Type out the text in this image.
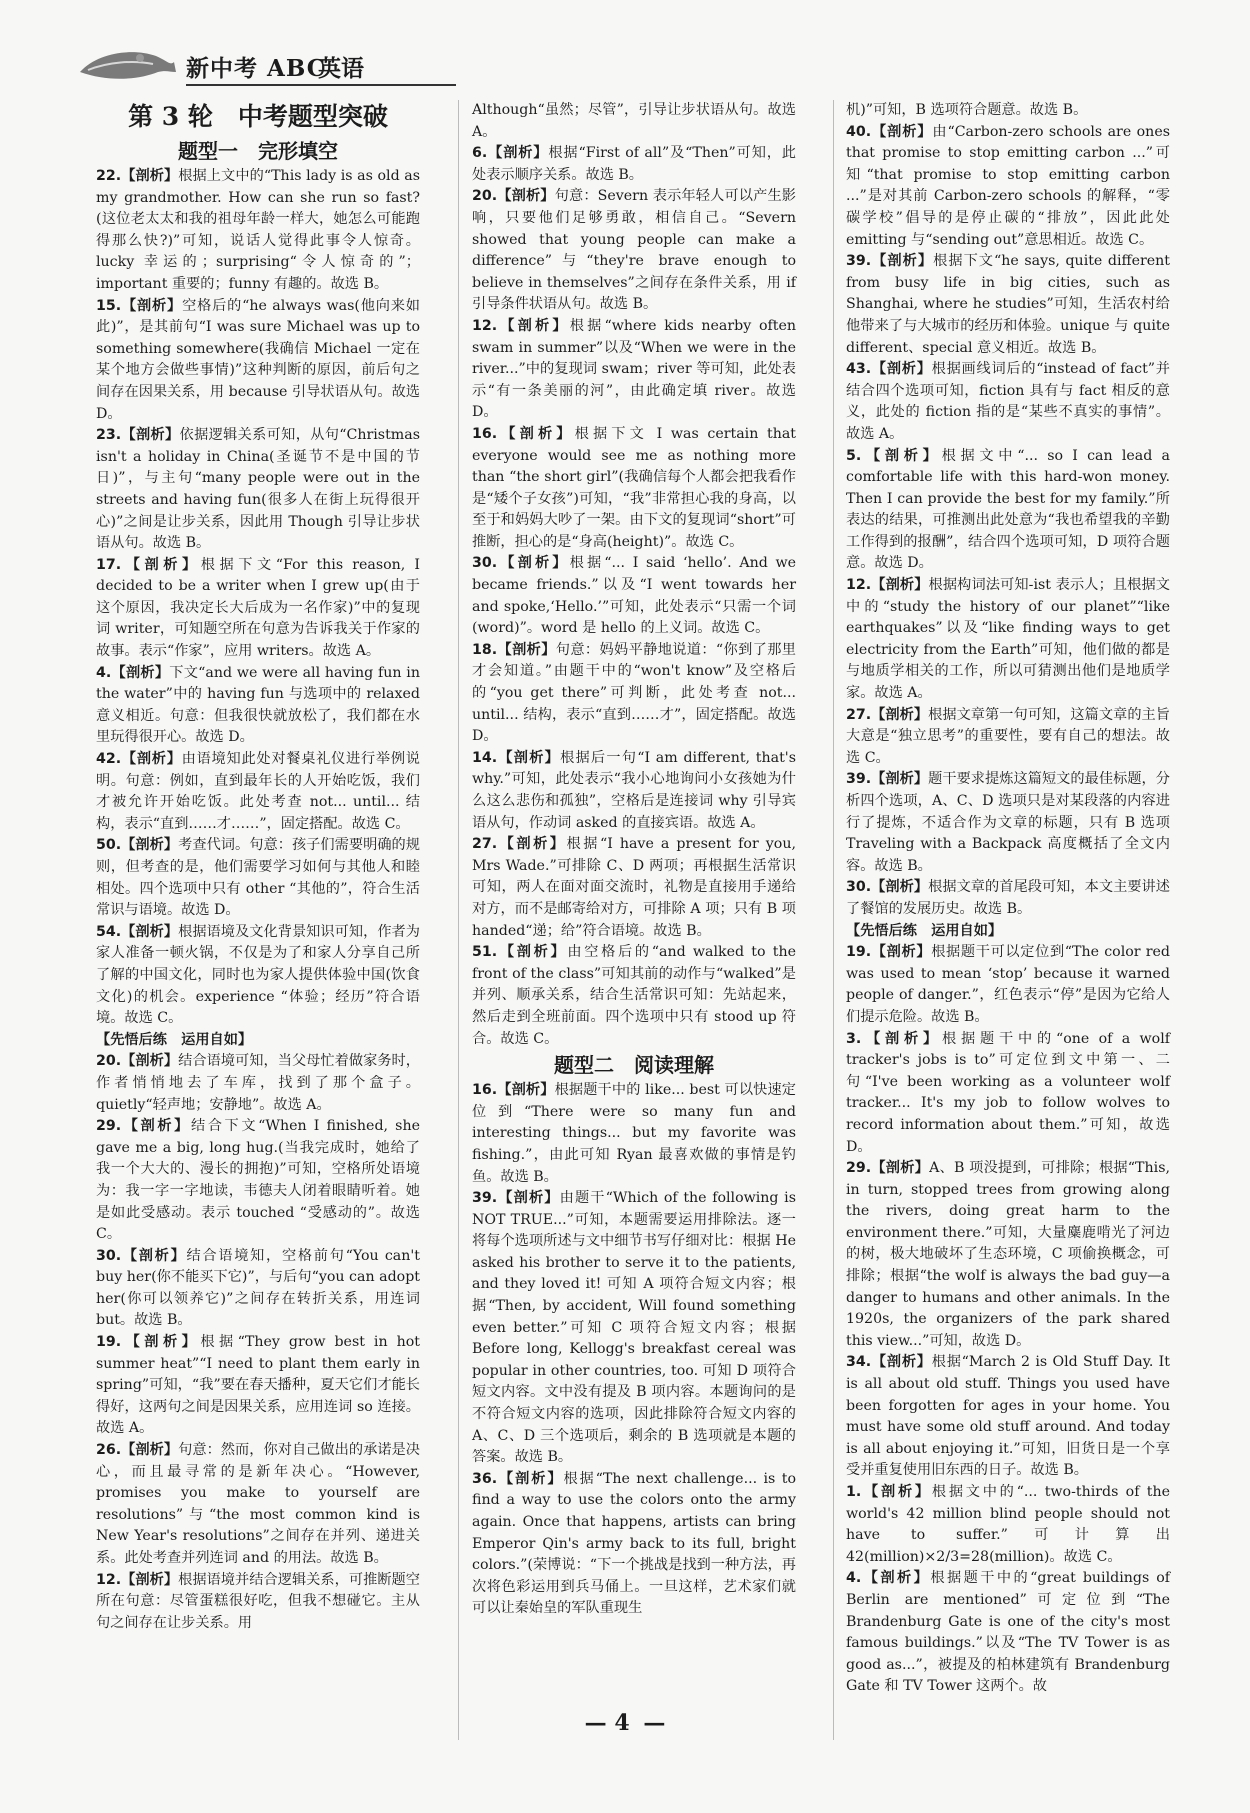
新中考 ABC
英语
第 3 轮　中考题型突破
题型一　完形填空

22.【剖析】根据上文中的“This lady is as old as my grandmother. How can she run so fast?(这位老太太和我的祖母年龄一样大，她怎么可能跑得那么快?)”可知，说话人觉得此事令人惊奇。lucky 幸运的；surprising“令人惊奇的”；important 重要的；funny 有趣的。故选 B。

15.【剖析】空格后的“he always was(他向来如此)”，是其前句“I was sure Michael was up to something somewhere(我确信 Michael 一定在某个地方会做些事情)”这种判断的原因，前后句之间存在因果关系，用 because 引导状语从句。故选 D。

23.【剖析】依据逻辑关系可知，从句“Christmas isn't a holiday in China(圣诞节不是中国的节日)”，与主句“many people were out in the streets and having fun(很多人在街上玩得很开心)”之间是让步关系，因此用 Though 引导让步状语从句。故选 B。

17.【剖析】根据下文“For this reason, I decided to be a writer when I grew up(由于这个原因，我决定长大后成为一名作家)”中的复现词 writer，可知题空所在句意为告诉我关于作家的故事。表示“作家”，应用 writers。故选 A。

4.【剖析】下文“and we were all having fun in the water”中的 having fun 与选项中的 relaxed 意义相近。句意：但我很快就放松了，我们都在水里玩得很开心。故选 D。

42.【剖析】由语境知此处对餐桌礼仪进行举例说明。句意：例如，直到最年长的人开始吃饭，我们才被允许开始吃饭。此处考查 not... until... 结构，表示“直到……才……”，固定搭配。故选 C。

50.【剖析】考查代词。句意：孩子们需要明确的规则，但考查的是，他们需要学习如何与其他人和睦相处。四个选项中只有 other “其他的”，符合生活常识与语境。故选 D。

54.【剖析】根据语境及文化背景知识可知，作者为家人准备一顿火锅，不仅是为了和家人分享自己所了解的中国文化，同时也为家人提供体验中国(饮食文化)的机会。experience “体验；经历”符合语境。故选 C。

【先悟后练　运用自如】

20.【剖析】结合语境可知，当父母忙着做家务时，作者悄悄地去了车库，找到了那个盒子。quietly“轻声地；安静地”。故选 A。

29.【剖析】结合下文“When I finished, she gave me a big, long hug.(当我完成时，她给了我一个大大的、漫长的拥抱)”可知，空格所处语境为：我一字一字地读，韦德夫人闭着眼睛听着。她是如此受感动。表示 touched “受感动的”。故选 C。

30.【剖析】结合语境知，空格前句“You can't buy her(你不能买下它)”，与后句“you can adopt her(你可以领养它)”之间存在转折关系，用连词 but。故选 B。

19.【剖析】根据“They grow best in hot summer heat”“I need to plant them early in spring”可知，“我”要在春天播种，夏天它们才能长得好，这两句之间是因果关系，应用连词 so 连接。故选 A。

26.【剖析】句意：然而，你对自己做出的承诺是决心，而且最寻常的是新年决心。“However, promises you make to yourself are resolutions”与“the most common kind is New Year's resolutions”之间存在并列、递进关系。此处考查并列连词 and 的用法。故选 B。

12.【剖析】根据语境并结合逻辑关系，可推断题空所在句意：尽管蛋糕很好吃，但我不想碰它。主从句之间存在让步关系。用

Although“虽然；尽管”，引导让步状语从句。故选 A。

6.【剖析】根据“First of all”及“Then”可知，此处表示顺序关系。故选 B。

20.【剖析】句意：Severn 表示年轻人可以产生影响，只要他们足够勇敢，相信自己。“Severn showed that young people can make a difference”与“they're brave enough to believe in themselves”之间存在条件关系，用 if 引导条件状语从句。故选 B。

12.【剖析】根据“where kids nearby often swam in summer”以及“When we were in the river...”中的复现词 swam；river 等可知，此处表示“有一条美丽的河”，由此确定填 river。故选 D。

16.【剖析】根据下文 I was certain that everyone would see me as nothing more than “the short girl”(我确信每个人都会把我看作是“矮个子女孩”)可知，“我”非常担心我的身高，以至于和妈妈大吵了一架。由下文的复现词“short”可推断，担心的是“身高(height)”。故选 C。

30.【剖析】根据“... I said ‘hello’. And we became friends.”以及“I went towards her and spoke,‘Hello.’”可知，此处表示“只需一个词(word)”。word 是 hello 的上义词。故选 C。

18.【剖析】句意：妈妈平静地说道：“你到了那里才会知道。”由题干中的“won't know”及空格后的“you get there”可判断，此处考查 not... until... 结构，表示“直到……才”，固定搭配。故选 D。

14.【剖析】根据后一句“I am different, that's why.”可知，此处表示“我小心地询问小女孩她为什么这么悲伤和孤独”，空格后是连接词 why 引导宾语从句，作动词 asked 的直接宾语。故选 A。

27.【剖析】根据“I have a present for you, Mrs Wade.”可排除 C、D 两项；再根据生活常识可知，两人在面对面交流时，礼物是直接用手递给对方，而不是邮寄给对方，可排除 A 项；只有 B 项 handed“递；给”符合语境。故选 B。

51.【剖析】由空格后的“and walked to the front of the class”可知其前的动作与“walked”是并列、顺承关系，结合生活常识可知：先站起来，然后走到全班前面。四个选项中只有 stood up 符合。故选 C。

题型二　阅读理解

16.【剖析】根据题干中的 like... best 可以快速定位到“There were so many fun and interesting things... but my favorite was fishing.”，由此可知 Ryan 最喜欢做的事情是钓鱼。故选 B。

39.【剖析】由题干“Which of the following is NOT TRUE...”可知，本题需要运用排除法。逐一将每个选项所述与文中细节书写仔细对比：根据 He asked his brother to serve it to the patients, and they loved it! 可知 A 项符合短文内容；根据“Then, by accident, Will found something even better.”可知 C 项符合短文内容；根据 Before long, Kellogg's breakfast cereal was popular in other countries, too. 可知 D 项符合短文内容。文中没有提及 B 项内容。本题询问的是不符合短文内容的选项，因此排除符合短文内容的 A、C、D 三个选项后，剩余的 B 选项就是本题的答案。故选 B。

36.【剖析】根据“The next challenge... is to find a way to use the colors onto the army again. Once that happens, artists can bring Emperor Qin's army back to its full, bright colors.”(荣博说：“下一个挑战是找到一种方法，再次将色彩运用到兵马俑上。一旦这样，艺术家们就可以让秦始皇的军队重现生

机)”可知，B 选项符合题意。故选 B。

40.【剖析】由“Carbon-zero schools are ones that promise to stop emitting carbon ...”可知“that promise to stop emitting carbon ...”是对其前 Carbon-zero schools 的解释，“零碳学校”倡导的是停止碳的“排放”，因此此处 emitting 与“sending out”意思相近。故选 C。

39.【剖析】根据下文“he says, quite different from busy life in big cities, such as Shanghai, where he studies”可知，生活农村给他带来了与大城市的经历和体验。unique 与 quite different、special 意义相近。故选 B。

43.【剖析】根据画线词后的“instead of fact”并结合四个选项可知，fiction 具有与 fact 相反的意义，此处的 fiction 指的是“某些不真实的事情”。故选 A。

5.【剖析】根据文中“... so I can lead a comfortable life with this hard-won money. Then I can provide the best for my family.”所表达的结果，可推测出此处意为“我也希望我的辛勤工作得到的报酬”，结合四个选项可知，D 项符合题意。故选 D。

12.【剖析】根据构词法可知-ist 表示人；且根据文中的“study the history of our planet”“like earthquakes”以及“like finding ways to get electricity from the Earth”可知，他们做的都是与地质学相关的工作，所以可猜测出他们是地质学家。故选 A。

27.【剖析】根据文章第一句可知，这篇文章的主旨大意是“独立思考”的重要性，要有自己的想法。故选 C。

39.【剖析】题干要求提炼这篇短文的最佳标题，分析四个选项，A、C、D 选项只是对某段落的内容进行了提炼，不适合作为文章的标题，只有 B 选项 Traveling with a Backpack 高度概括了全文内容。故选 B。

30.【剖析】根据文章的首尾段可知，本文主要讲述了餐馆的发展历史。故选 B。

【先悟后练　运用自如】

19.【剖析】根据题干可以定位到“The color red was used to mean ‘stop’ because it warned people of danger.”，红色表示“停”是因为它给人们提示危险。故选 B。

3.【剖析】根据题干中的“one of a wolf tracker's jobs is to”可定位到文中第一、二句“I've been working as a volunteer wolf tracker... It's my job to follow wolves to record information about them.”可知，故选 D。

29.【剖析】A、B 项没提到，可排除；根据“This, in turn, stopped trees from growing along the rivers, doing great harm to the environment there.”可知，大量麋鹿啃光了河边的树，极大地破坏了生态环境，C 项偷换概念，可排除；根据“the wolf is always the bad guy—a danger to humans and other animals. In the 1920s, the organizers of the park shared this view...”可知，故选 D。

34.【剖析】根据“March 2 is Old Stuff Day. It is all about old stuff. Things you used have been forgotten for ages in your home. You must have some old stuff around. And today is all about enjoying it.”可知，旧货日是一个享受并重复使用旧东西的日子。故选 B。

1.【剖析】根据文中的“... two-thirds of the world's 42 million blind people should not have to suffer.”可计算出 42(million)×2/3=28(million)。故选 C。

4.【剖析】根据题干中的“great buildings of Berlin are mentioned”可定位到“The Brandenburg Gate is one of the city's most famous buildings.”以及“The TV Tower is as good as...”，被提及的柏林建筑有 Brandenburg Gate 和 TV Tower 这两个。故

— 4 —
